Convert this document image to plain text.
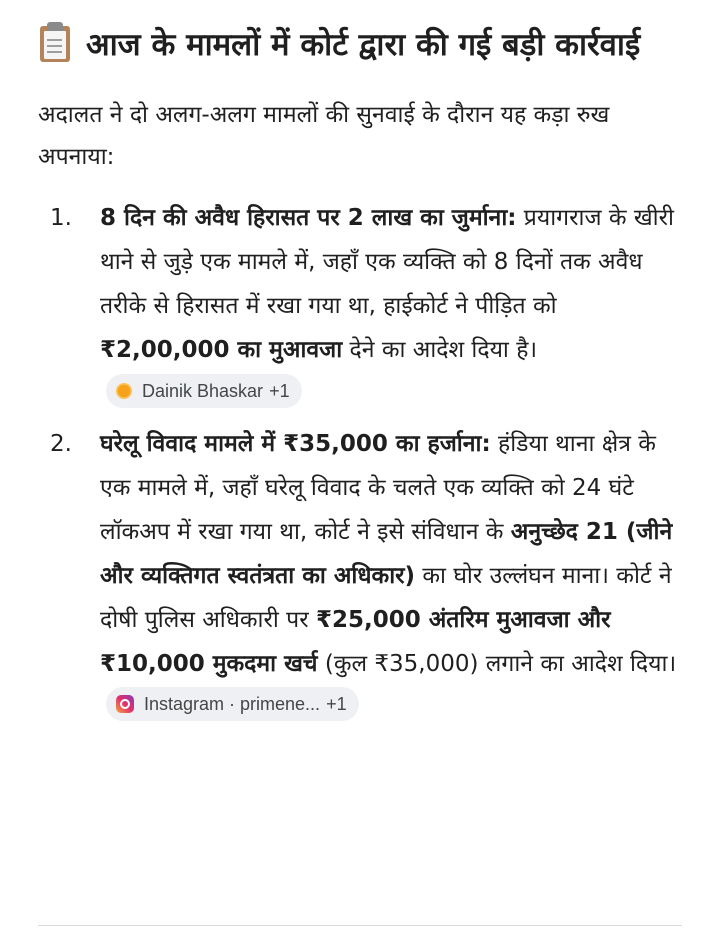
आज के मामलों में कोर्ट द्वारा की गई बड़ी कार्रवाई

अदालत ने दो अलग-अलग मामलों की सुनवाई के दौरान यह कड़ा रुख अपनाया:

1.	8 दिन की अवैध हिरासत पर 2 लाख का जुर्माना: प्रयागराज के खीरी थाने से जुड़े एक मामले में, जहाँ एक व्यक्ति को 8 दिनों तक अवैध तरीके से हिरासत में रखा गया था, हाईकोर्ट ने पीड़ित को ₹2,00,000 का मुआवजा देने का आदेश दिया है।
Dainik Bhaskar +1
2.	घरेलू विवाद मामले में ₹35,000 का हर्जाना: हंडिया थाना क्षेत्र के एक मामले में, जहाँ घरेलू विवाद के चलते एक व्यक्ति को 24 घंटे लॉकअप में रखा गया था, कोर्ट ने इसे संविधान के अनुच्छेद 21 (जीने और व्यक्तिगत स्वतंत्रता का अधिकार) का घोर उल्लंघन माना। कोर्ट ने दोषी पुलिस अधिकारी पर ₹25,000 अंतरिम मुआवजा और ₹10,000 मुकदमा खर्च (कुल ₹35,000) लगाने का आदेश दिया।
Instagram · primene... +1
